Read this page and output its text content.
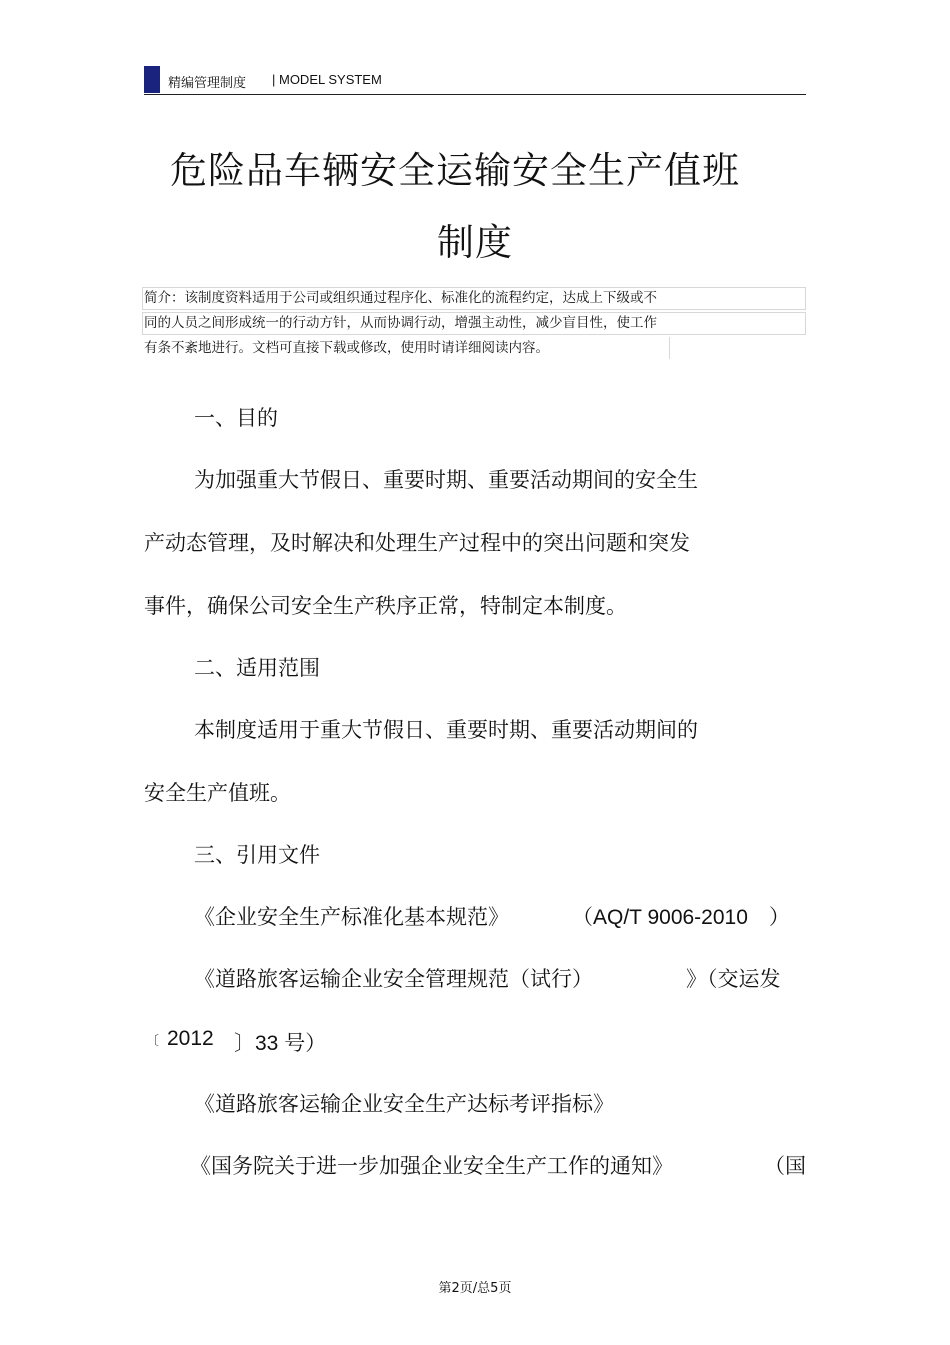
精编管理制度 | MODEL SYSTEM
危险品车辆安全运输安全生产值班
制度
简介：该制度资料适用于公司或组织通过程序化、标准化的流程约定，达成上下级或不
同的人员之间形成统一的行动方针，从而协调行动，增强主动性，减少盲目性，使工作
有条不紊地进行。文档可直接下载或修改，使用时请详细阅读内容。
一、目的
为加强重大节假日、重要时期、重要活动期间的安全生
产动态管理，及时解决和处理生产过程中的突出问题和突发
事件，确保公司安全生产秩序正常，特制定本制度。
二、适用范围
本制度适用于重大节假日、重要时期、重要活动期间的
安全生产值班。
三、引用文件
《企业安全生产标准化基本规范》	（AQ/T 9006-2010　）
《道路旅客运输企业安全管理规范（试行）	》（交运发
〔 2012 〕33 号）
《道路旅客运输企业安全生产达标考评指标》
《国务院关于进一步加强企业安全生产工作的通知》	（国
第2页/总5页
